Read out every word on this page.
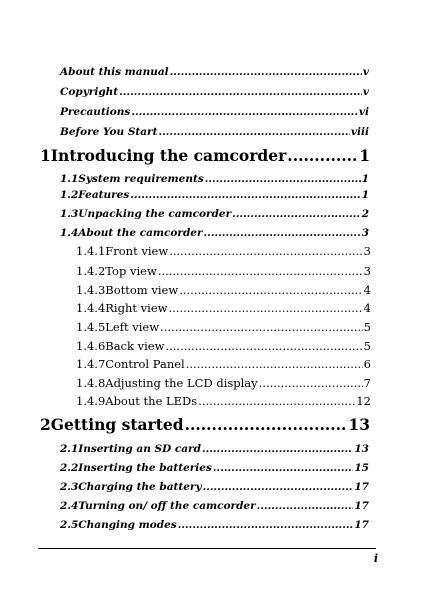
About this manual .....	v
Copyright .....	v
Precautions .....	vi
Before You Start .....	viii
1 Introducing the camcorder .....	1
1.1 System requirements .....	1
1.2 Features .....	1
1.3 Unpacking the camcorder .....	2
1.4 About the camcorder .....	3
1.4.1 Front view .....	3
1.4.2 Top view .....	3
1.4.3 Bottom view .....	4
1.4.4 Right view .....	4
1.4.5 Left view .....	5
1.4.6 Back view .....	5
1.4.7 Control Panel .....	6
1.4.8 Adjusting the LCD display .....	7
1.4.9 About the LEDs .....	12
2 Getting started .....	13
2.1 Inserting an SD card .....	13
2.2 Inserting the batteries .....	15
2.3 Charging the battery .....	17
2.4 Turning on/ off the camcorder .....	17
2.5 Changing modes .....	17
i
